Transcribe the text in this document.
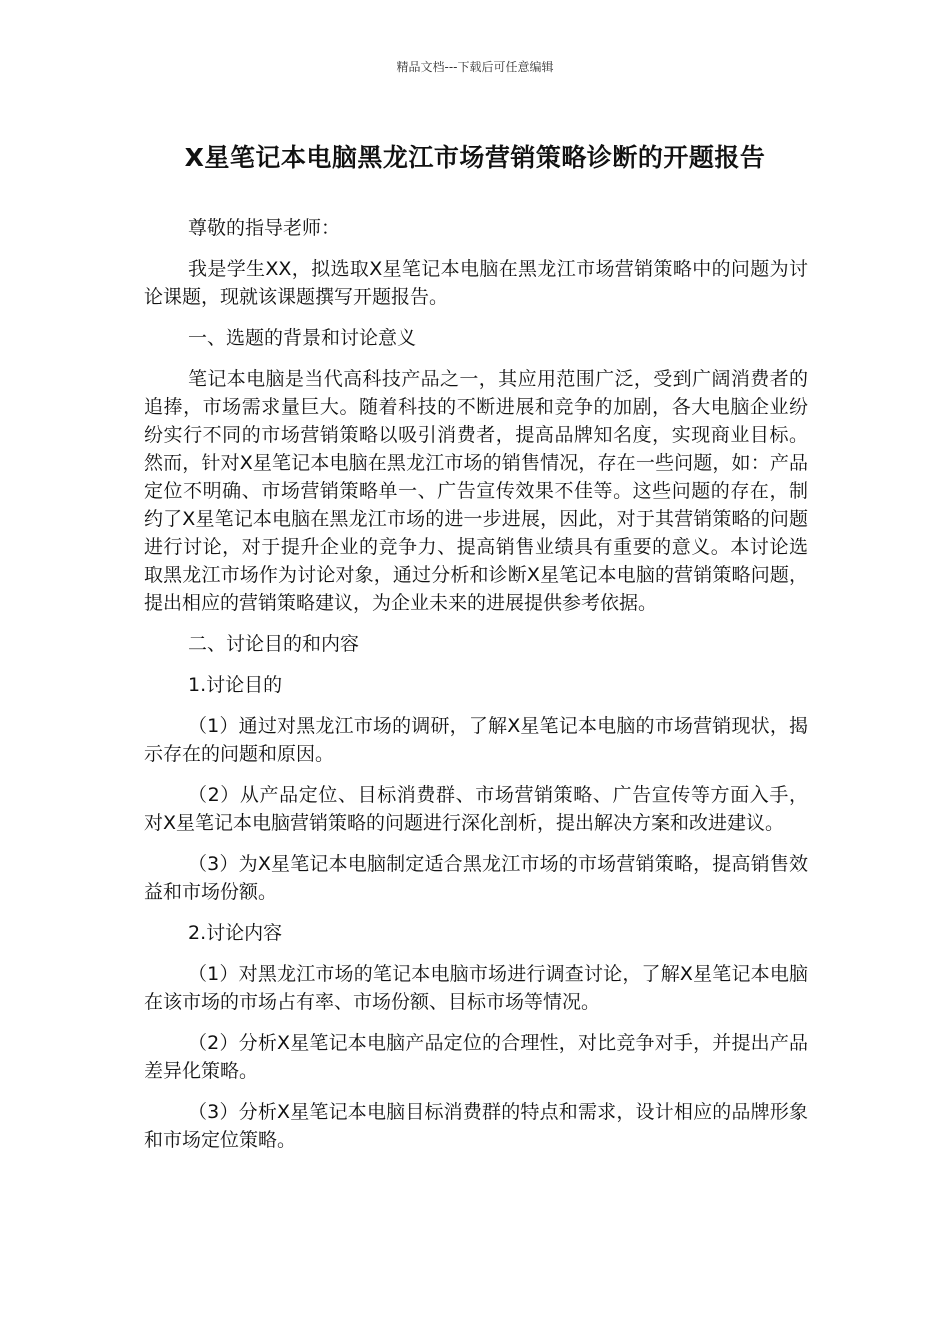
精品文档---下载后可任意编辑
X星笔记本电脑黑龙江市场营销策略诊断的开题报告

尊敬的指导老师：

我是学生XX，拟选取X星笔记本电脑在黑龙江市场营销策略中的问题为讨论课题，现就该课题撰写开题报告。

一、选题的背景和讨论意义

笔记本电脑是当代高科技产品之一，其应用范围广泛，受到广阔消费者的追捧，市场需求量巨大。随着科技的不断进展和竞争的加剧，各大电脑企业纷纷实行不同的市场营销策略以吸引消费者，提高品牌知名度，实现商业目标。然而，针对X星笔记本电脑在黑龙江市场的销售情况，存在一些问题，如：产品定位不明确、市场营销策略单一、广告宣传效果不佳等。这些问题的存在，制约了X星笔记本电脑在黑龙江市场的进一步进展，因此，对于其营销策略的问题进行讨论，对于提升企业的竞争力、提高销售业绩具有重要的意义。本讨论选取黑龙江市场作为讨论对象，通过分析和诊断X星笔记本电脑的营销策略问题，提出相应的营销策略建议，为企业未来的进展提供参考依据。

二、讨论目的和内容

1.讨论目的

（1）通过对黑龙江市场的调研，了解X星笔记本电脑的市场营销现状，揭示存在的问题和原因。

（2）从产品定位、目标消费群、市场营销策略、广告宣传等方面入手，对X星笔记本电脑营销策略的问题进行深化剖析，提出解决方案和改进建议。

（3）为X星笔记本电脑制定适合黑龙江市场的市场营销策略，提高销售效益和市场份额。

2.讨论内容

（1）对黑龙江市场的笔记本电脑市场进行调查讨论，了解X星笔记本电脑在该市场的市场占有率、市场份额、目标市场等情况。

（2）分析X星笔记本电脑产品定位的合理性，对比竞争对手，并提出产品差异化策略。

（3）分析X星笔记本电脑目标消费群的特点和需求，设计相应的品牌形象和市场定位策略。
